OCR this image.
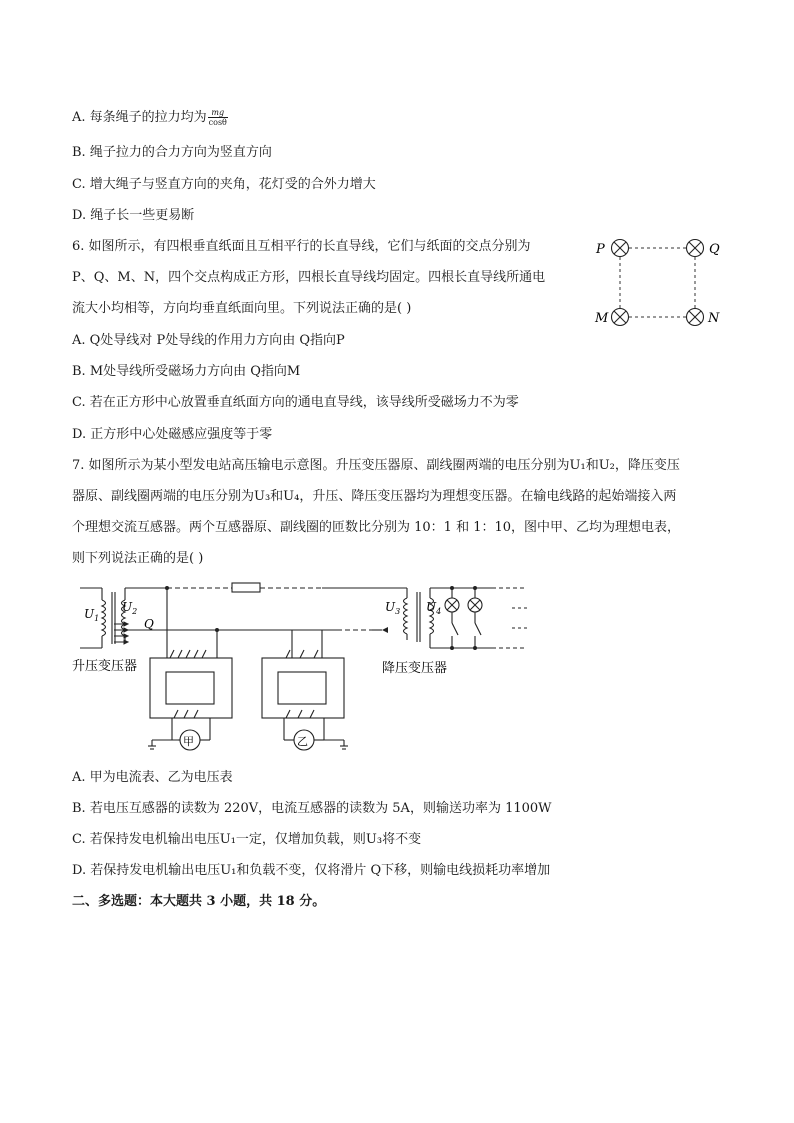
A. 每条绳子的拉力均为 $\frac{mg}{\cos\theta}$
B. 绳子拉力的合力方向为竖直方向
C. 增大绳子与竖直方向的夹角，花灯受的合外力增大
D. 绳子长一些更易断
6. 如图所示，有四根垂直纸面且互相平行的长直导线，它们与纸面的交点分别为
P、Q、M、N，四个交点构成正方形，四根长直导线均固定。四根长直导线所通电
流大小均相等，方向均垂直纸面向里。下列说法正确的是( )
A. Q处导线对 P处导线的作用力方向由 Q指向P
B. M处导线所受磁场力方向由 Q指向M
C. 若在正方形中心放置垂直纸面方向的通电直导线，该导线所受磁场力不为零
D. 正方形中心处磁感应强度等于零
P	Q
M	N
7. 如图所示为某小型发电站高压输电示意图。升压变压器原、副线圈两端的电压分别为U₁和U₂，降压变压
器原、副线圈两端的电压分别为U₃和U₄，升压、降压变压器均为理想变压器。在输电线路的起始端接入两
个理想交流互感器。两个互感器原、副线圈的匝数比分别为 10：1 和 1：10，图中甲、乙均为理想电表，
则下列说法正确的是( )
甲	乙
$U_1$
$U_2$
Q
$U_3$ $U_4$
升压变压器	降压变压器
A. 甲为电流表、乙为电压表
B. 若电压互感器的读数为 220V，电流互感器的读数为 5A，则输送功率为 1100W
C. 若保持发电机输出电压U₁一定，仅增加负载，则U₃将不变
D. 若保持发电机输出电压U₁和负载不变，仅将滑片 Q下移，则输电线损耗功率增加
二、多选题：本大题共 3 小题，共 18 分。
